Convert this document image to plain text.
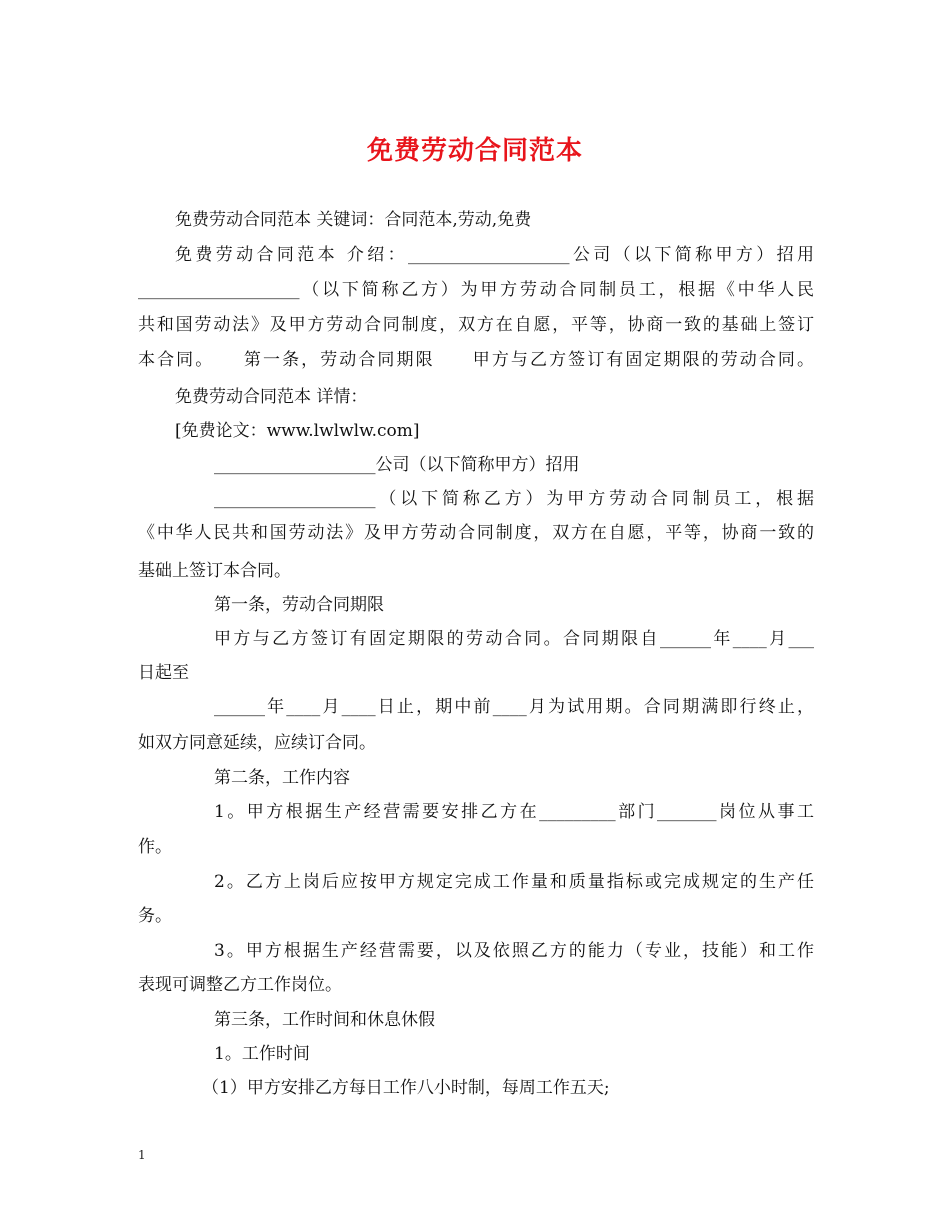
免费劳动合同范本
免费劳动合同范本 关键词：合同范本,劳动,免费
免费劳动合同范本 介绍：___________________公司（以下简称甲方）招用
___________________（以下简称乙方）为甲方劳动合同制员工，根据《中华人民
共和国劳动法》及甲方劳动合同制度，双方在自愿，平等，协商一致的基础上签订
本合同。　　第一条，劳动合同期限　　甲方与乙方签订有固定期限的劳动合同。
免费劳动合同范本 详情：
[免费论文：www.lwlwlw.com]
___________________公司（以下简称甲方）招用
___________________（以下简称乙方）为甲方劳动合同制员工，根据
《中华人民共和国劳动法》及甲方劳动合同制度，双方在自愿，平等，协商一致的
基础上签订本合同。
第一条，劳动合同期限
甲方与乙方签订有固定期限的劳动合同。合同期限自______年____月___
日起至
______年____月____日止，期中前____月为试用期。合同期满即行终止，
如双方同意延续，应续订合同。
第二条，工作内容
1。甲方根据生产经营需要安排乙方在_________部门_______岗位从事工
作。
2。乙方上岗后应按甲方规定完成工作量和质量指标或完成规定的生产任
务。
3。甲方根据生产经营需要，以及依照乙方的能力（专业，技能）和工作
表现可调整乙方工作岗位。
第三条，工作时间和休息休假
1。工作时间
（1）甲方安排乙方每日工作八小时制，每周工作五天;
1
